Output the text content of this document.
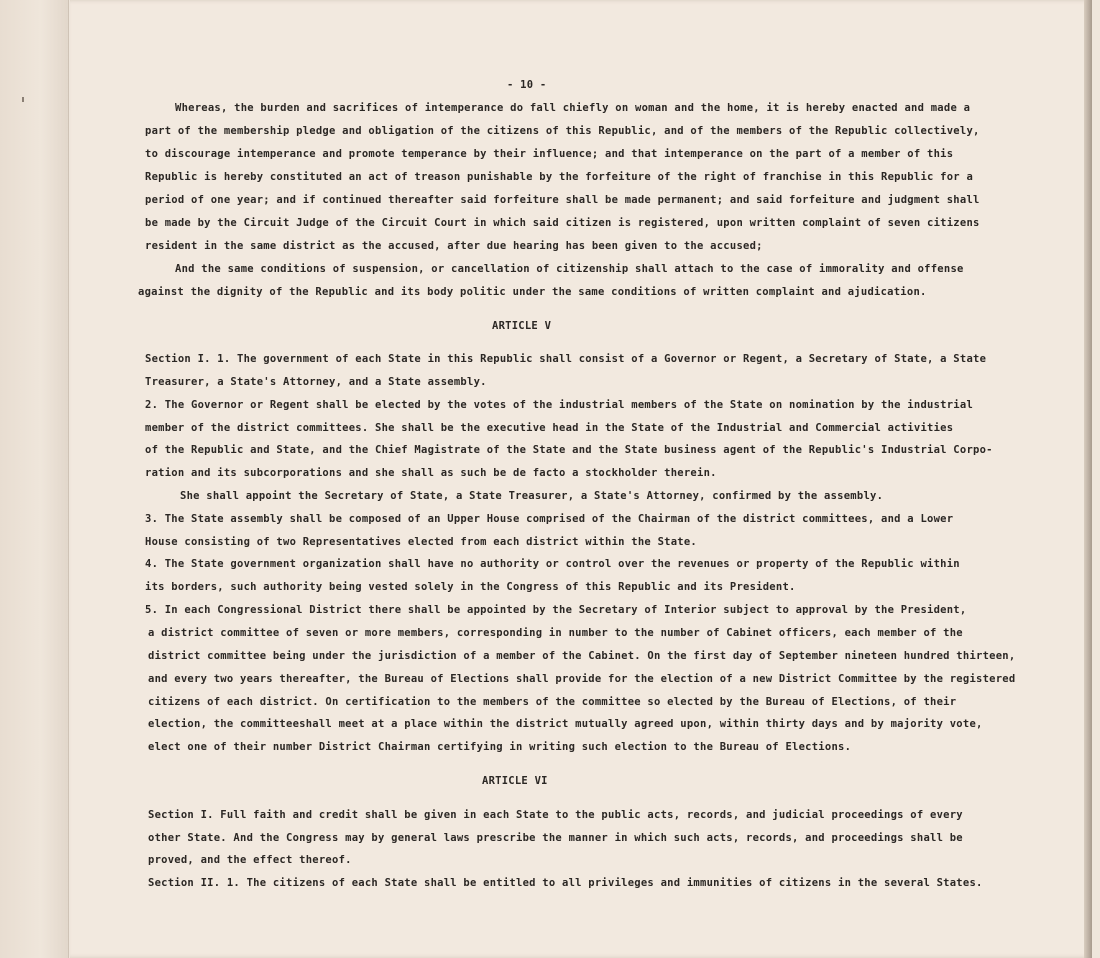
- 10 -
Whereas, the burden and sacrifices of intemperance do fall chiefly on woman and the home, it is hereby enacted and made a
part of the membership pledge and obligation of the citizens of this Republic, and of the members of the Republic collectively,
to discourage intemperance and promote temperance by their influence; and that intemperance on the part of a member of this
Republic is hereby constituted an act of treason punishable by the forfeiture of the right of franchise in this Republic for a
period of one year; and if continued thereafter said forfeiture shall be made permanent; and said forfeiture and judgment shall
be made by the Circuit Judge of the Circuit Court in which said citizen is registered, upon written complaint of seven citizens
resident in the same district as the accused, after due hearing has been given to the accused;
And the same conditions of suspension, or cancellation of citizenship shall attach to the case of immorality and offense
against the dignity of the Republic and its body politic under the same conditions of written complaint and ajudication.
ARTICLE V
Section I. 1. The government of each State in this Republic shall consist of a Governor or Regent, a Secretary of State, a State
Treasurer, a State's Attorney, and a State assembly.
2. The Governor or Regent shall be elected by the votes of the industrial members of the State on nomination by the industrial
member of the district committees. She shall be the executive head in the State of the Industrial and Commercial activities
of the Republic and State, and the Chief Magistrate of the State and the State business agent of the Republic's Industrial Corpo-
ration and its subcorporations and she shall as such be de facto a stockholder therein.
She shall appoint the Secretary of State, a State Treasurer, a State's Attorney, confirmed by the assembly.
3. The State assembly shall be composed of an Upper House comprised of the Chairman of the district committees, and a Lower
House consisting of two Representatives elected from each district within the State.
4. The State government organization shall have no authority or control over the revenues or property of the Republic within
its borders, such authority being vested solely in the Congress of this Republic and its President.
5. In each Congressional District there shall be appointed by the Secretary of Interior subject to approval by the President,
a district committee of seven or more members, corresponding in number to the number of Cabinet officers, each member of the
district committee being under the jurisdiction of a member of the Cabinet. On the first day of September nineteen hundred thirteen,
and every two years thereafter, the Bureau of Elections shall provide for the election of a new District Committee by the registered
citizens of each district. On certification to the members of the committee so elected by the Bureau of Elections, of their
election, the committeeshall meet at a place within the district mutually agreed upon, within thirty days and by majority vote,
elect one of their number District Chairman certifying in writing such election to the Bureau of Elections.
ARTICLE VI
Section I. Full faith and credit shall be given in each State to the public acts, records, and judicial proceedings of every
other State. And the Congress may by general laws prescribe the manner in which such acts, records, and proceedings shall be
proved, and the effect thereof.
Section II. 1. The citizens of each State shall be entitled to all privileges and immunities of citizens in the several States.
